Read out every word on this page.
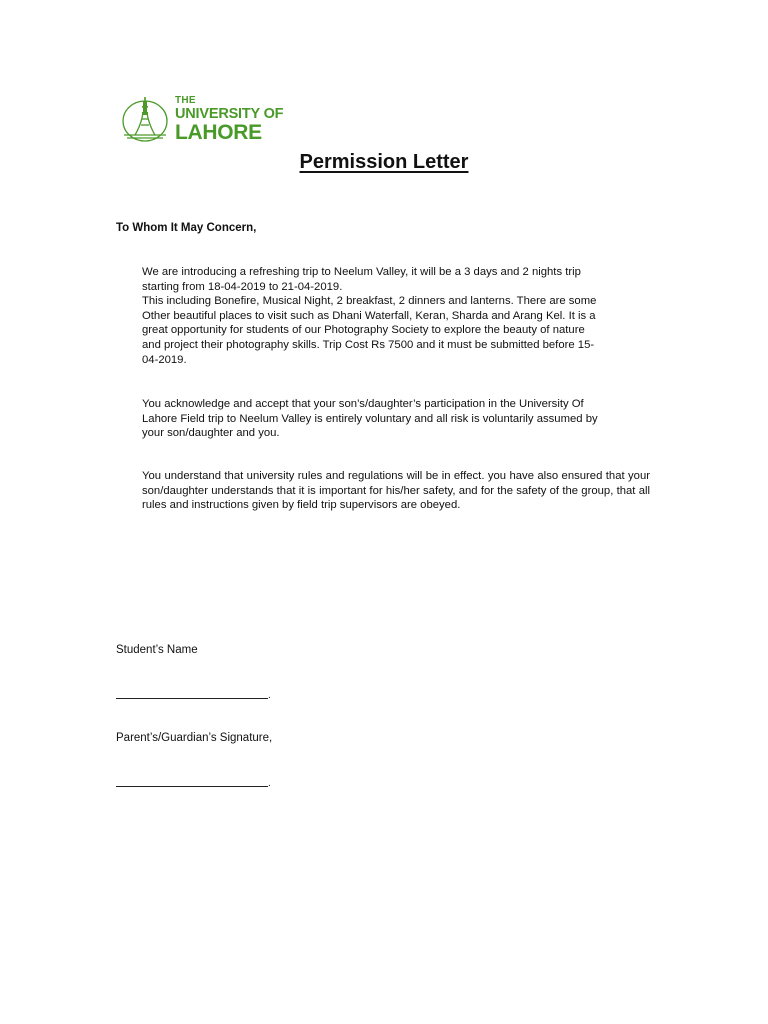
THE
UNIVERSITY OF
LAHORE
Permission Letter
To Whom It May Concern,

We are introducing a refreshing trip to Neelum Valley, it will be a 3 days and 2 nights trip starting from 18-04-2019 to 21-04-2019.
This including Bonefire, Musical Night, 2 breakfast, 2 dinners and lanterns. There are some Other beautiful places to visit such as Dhani Waterfall, Keran, Sharda and Arang Kel. It is a great opportunity for students of our Photography Society to explore the beauty of nature and project their photography skills. Trip Cost Rs 7500 and it must be submitted before 15-04-2019.

You acknowledge and accept that your son’s/daughter’s participation in the University Of Lahore Field trip to Neelum Valley is entirely voluntary and all risk is voluntarily assumed by your son/daughter and you.

You understand that university rules and regulations will be in effect. you have also ensured that your son/daughter understands that it is important for his/her safety, and for the safety of the group, that all rules and instructions given by field trip supervisors are obeyed.

Student’s Name
.
Parent’s/Guardian’s Signature,
.
